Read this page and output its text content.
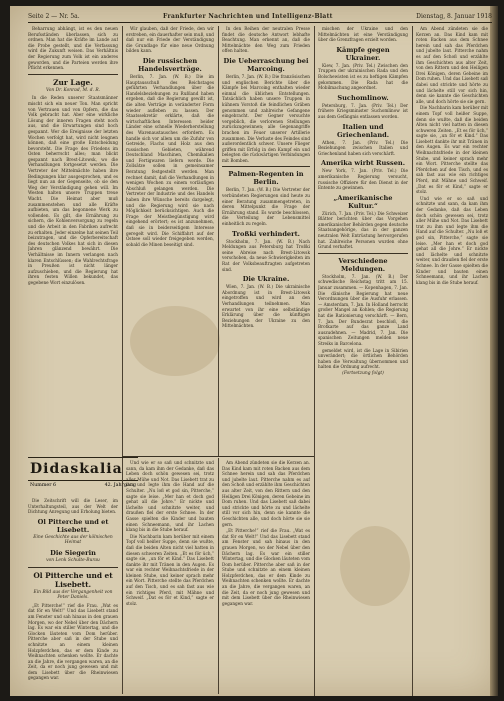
Seite 2 — Nr. 5a.	Frankfurter Nachrichten und Intelligenz-Blatt	Dienstag, 8. Januar 1918

Beharrung abhängt, ist es den neuen Berufsständen überlassen, sich zu ordnen. Man hat die Kräfte im Lande auf die Probe gestellt, und die Verfassung wird die Zukunft weisen. Das Verhältnis der Regierung zum Volk ist ein anderes geworden, und die Parteien werden ihre Pflicht erkennen.

Zur Lage.
Von Dr. Konrad, M. d. R.

In die Reden unserer Staatsmänner mischt sich ein neuer Ton. Man spricht von Vertrauen und von Opfern, die das Volk gebracht hat. Aber eine wirkliche Lösung der inneren Fragen steht noch aus, und die Erwartungen sind hoch gespannt. Wer die Ereignisse der letzten Wochen verfolgt hat, wird nicht leugnen können, daß eine große Entscheidung bevorsteht. Die Frage des Friedens im Osten beherrscht alles; man blickt gespannt nach Brest-Litowsk, wo die Verhandlungen fortgesetzt werden. Die Vertreter der Mittelmächte haben ihre Bedingungen klar ausgesprochen, und es liegt nun an der Gegenseite, ob sie den Weg der Verständigung gehen will. Im Westen halten unsere Truppen treue Wacht. Die Heimat aber muß zusammenstehen und alle Kräfte aufbieten, um das begonnene Werk zu vollenden. Es gilt, die Ernährung zu sichern, die Kohlenversorgung zu regeln und die Arbeit in den Fabriken aufrecht zu erhalten. Jeder einzelne hat seinen Teil beizutragen, und die Opferbereitschaft des deutschen Volkes hat sich in diesen Jahren glänzend bewährt. Die Verhältnisse im Innern verlangen nach klaren Entschlüssen; die Wahlrechtsfrage in Preußen ist nicht länger aufzuschieben, und die Regierung hat ihren festen Willen bekundet, das gegebene Wort einzulösen.

Wir glauben, daß der Friede, den wir erstreben, ein dauerhafter sein muß, und daß nur ein Friede der Verständigung die Grundlage für eine neue Ordnung bilden kann.

Die russischen Handelsverträge.

Berlin, 7. Jan. (W. B.) Die im Hauptausschuß des Reichstages geführten Verhandlungen über die Handelsbeziehungen zu Rußland haben ergeben, daß die Regierung gewillt ist, die alten Verträge in veränderter Form wieder aufleben zu lassen. Der Staatssekretär erklärte, daß die wirtschaftlichen Interessen beider Länder eine schnelle Wiederherstellung des Warenaustausches erfordern. Es handle sich vor allem um die Zufuhr von Getreide, Flachs und Holz aus den russischen Gebieten, während Deutschland Maschinen, Chemikalien und Fertigwaren liefern werde. Die Zollsätze sollen in gemeinsamer Beratung festgestellt werden. Man rechnet damit, daß die Verhandlungen in wenigen Wochen zu einem vorläufigen Abschluß gelangen werden. Die Vertreter der Industrie und des Handels haben ihre Wünsche bereits dargelegt, und die Regierung wird sie nach Möglichkeit berücksichtigen. Auch die Frage der Meistbegünstigung wird eingehend erörtert; es ist anzunehmen, daß sie in beiderseitigem Interesse geregelt wird. Die Schiffahrt auf der Ostsee soll wieder freigegeben werden, sobald die Minen beseitigt sind.

In den Reihen der neutralen Presse findet die deutsche Antwort lebhafte Beachtung. Man erkennt an, daß die Mittelmächte den Weg zum Frieden offen halten.

Die Ueberraschung bei Marcoing.

Berlin, 7. Jan. (W. B.) Die französischen und englischen Berichte über die Kämpfe bei Marcoing enthalten wieder einmal die üblichen Entstellungen. Tatsächlich haben unsere Truppen in kühnem Vorstoß die feindlichen Gräben genommen und zahlreiche Gefangene eingebracht. Der Gegner versuchte vergeblich, die verlorenen Stellungen zurückzugewinnen; alle Gegenangriffe brachen im Feuer unserer Artillerie zusammen. Die Verluste des Feindes sind außerordentlich schwer. Unsere Flieger griffen mit Erfolg in den Kampf ein und belegten die rückwärtigen Verbindungen mit Bomben.

Palmen-Regenten in Berlin.

Berlin, 7. Jan. (W. B.) Die Vertreter der verbündeten Regierungen sind heute zu einer Beratung zusammengetreten, in deren Mittelpunkt die Frage der Ernährung stand. Es wurde beschlossen, die Verteilung der Lebensmittel einheitlich zu regeln.

Troßki verhindert.

Stockholm, 7. Jan. (W. B.) Nach Meldungen aus Petersburg hat Troßki seine Abreise nach Brest-Litowsk verschoben, da neue Schwierigkeiten im Rat der Volksbeauftragten aufgetreten sind.

Die Ukraine.

Wien, 7. Jan. (W. B.) Die ukrainische Abordnung ist in Brest-Litowsk eingetroffen und wird an den Verhandlungen teilnehmen. Man erwartet von ihr eine selbständige Erklärung über die künftigen Beziehungen der Ukraine zu den Mittelmächten.

mischen der Ukraine und den Mittelmächten ist eine Verständigung über die Grenzfragen erzielt worden.

Kämpfe gegen Ukrainer.

Kiew, 7. Jan. (Priv. Tel.) Zwischen den Truppen der ukrainischen Rada und den Bolschewisten ist es zu heftigen Kämpfen gekommen. Die Rada hat die Mobilmachung angeordnet.

Suchomlinow.

Petersburg, 7. Jan. (Priv. Tel.) Der frühere Kriegsminister Suchomlinow ist aus dem Gefängnis entlassen worden.

Italien und Griechenland.

Athen, 7. Jan. (Priv. Tel.) Die Beziehungen zwischen Italien und Griechenland haben sich verschärft.

Amerika wirbt Russen.

New York, 7. Jan. (Priv. Tel.) Die amerikanische Regierung versucht, russische Offiziere für den Dienst in der Entente zu gewinnen.

„Amerikanische Kultur.“

Zürich, 7. Jan. (Priv. Tel.) Die Schweizer Blätter berichten über das Vorgehen amerikanischer Behörden gegen deutsche Staatsangehörige, das in der ganzen neutralen Welt Entrüstung hervorgerufen hat. Zahlreiche Personen wurden ohne Grund verhaftet.

Verschiedene Meldungen.

Stockholm, 7. Jan. (W. B.) Der schwedische Reichstag tritt am 15. Januar zusammen. — Kopenhagen, 7. Jan. Die dänische Regierung hat neue Verordnungen über die Ausfuhr erlassen. — Amsterdam, 7. Jan. In Holland herrscht großer Mangel an Kohlen; die Regierung hat die Rationierung verschärft. — Bern, 7. Jan. Der Bundesrat beschloß, die Brotkarte auf das ganze Land auszudehnen. — Madrid, 7. Jan. Die spanischen Zeitungen melden neue Streiks in Barcelona.

gemeldet wird, ist die Lage in Sibirien unverändert; die örtlichen Behörden haben die Verwaltung übernommen und halten die Ordnung aufrecht.

(Fortsetzung folgt)

Am Abend zündeten sie die Kerzen an. Das Kind kam mit roten Backen aus dem Schnee herein und sah das Pferdchen und jubelte laut. Pitterche nahm es auf den Schoß und erzählte ihm Geschichten aus alter Zeit, von den Rittern und den Heiligen Drei Königen, deren Gebeine im Dom ruhen. Und das Lisebett saß dabei und strickte und hörte zu und lächelte still vor sich hin, denn sie kannte die Geschichten alle, und doch hörte sie sie gern.

Die Nachbarin kam herüber mit einem Topf voll heißer Suppe, denn sie wußte, daß die beiden Alten nicht viel hatten in diesen schweren Zeiten. „Et es för üch,“ sagte sie, „un för et Kind.“ Das Lisebett dankte ihr mit Tränen in den Augen. Es war ein rechter Weihnachtsfriede in der kleinen Stube, und keiner sprach mehr ein Wort. Pitterche stellte das Pferdchen auf den Tisch, und es sah fast aus wie ein richtiges Pferd, mit Mähne und Schweif. „Dat es för et Kind,“ sagte er stolz.

Und wie er so saß und schnitzte und sann, da kam ihm der Gedanke, daß das Leben doch schön gewesen sei, trotz aller Mühe und Not. Das Lisebett trat zu ihm und legte ihm die Hand auf die Schulter. „Nu loß et god sin, Pitterche,“ sagte sie leise. „Mer han et doch god gehat all die Johre.“ Er nickte und lächelte und schnitzte weiter, und draußen fiel der erste Schnee. In der Gasse spielten die Kinder und bauten einen Schneemann, und ihr Lachen klang bis in die Stube herauf.

Didaskalia
Nummer 6	42. Jahrgang

Die Zeitschrift will die Leser, im Unterhaltungsteil, aus der Welt der Dichtung Anregung und Erholung bieten.

Ol Pitterche und et Lisebett.
Eine Geschichte aus der kölnischen Heimat
Die Siegerin
von Lenk Schulte-Burau
Ol Pitterche und et Lisebett.
Ein Bild aus der Vergangenheit von Peter Daniels.

„Et Pitterche!“ rief die Frau. „Wat es dat för en Welt!“ Und das Lisebett stand am Fenster und sah hinaus in den grauen Morgen, wo der Nebel über den Dächern lag. Es war ein stiller Wintertag, und die Glocken läuteten vom Dom herüber. Pitterche aber saß in der Stube und schnitzte an einem kleinen Holzpferdchen, das er dem Kinde zu Weihnachten schenken wollte. Er dachte an die Jahre, die vergangen waren, an die Zeit, da er noch jung gewesen und mit dem Lisebett über die Rheinwiesen gegangen war.

Und wie er so saß und schnitzte und sann, da kam ihm der Gedanke, daß das Leben doch schön gewesen sei, trotz aller Mühe und Not. Das Lisebett trat zu ihm und legte ihm die Hand auf die Schulter. „Nu loß et god sin, Pitterche,“ sagte sie leise. „Mer han et doch god gehat all die Johre.“ Er nickte und lächelte und schnitzte weiter, und draußen fiel der erste Schnee. In der Gasse spielten die Kinder und bauten einen Schneemann, und ihr Lachen klang bis in die Stube herauf.

Die Nachbarin kam herüber mit einem Topf voll heißer Suppe, denn sie wußte, daß die beiden Alten nicht viel hatten in diesen schweren Zeiten. „Et es för üch,“ sagte sie, „un för et Kind.“ Das Lisebett dankte ihr mit Tränen in den Augen. Es war ein rechter Weihnachtsfriede in der kleinen Stube, und keiner sprach mehr ein Wort. Pitterche stellte das Pferdchen auf den Tisch, und es sah fast aus wie ein richtiges Pferd, mit Mähne und Schweif. „Dat es för et Kind,“ sagte er stolz.

Am Abend zündeten sie die Kerzen an. Das Kind kam mit roten Backen aus dem Schnee herein und sah das Pferdchen und jubelte laut. Pitterche nahm es auf den Schoß und erzählte ihm Geschichten aus alter Zeit, von den Rittern und den Heiligen Drei Königen, deren Gebeine im Dom ruhen. Und das Lisebett saß dabei und strickte und hörte zu und lächelte still vor sich hin, denn sie kannte die Geschichten alle, und doch hörte sie sie gern.

„Et Pitterche!“ rief die Frau. „Wat es dat för en Welt!“ Und das Lisebett stand am Fenster und sah hinaus in den grauen Morgen, wo der Nebel über den Dächern lag. Es war ein stiller Wintertag, und die Glocken läuteten vom Dom herüber. Pitterche aber saß in der Stube und schnitzte an einem kleinen Holzpferdchen, das er dem Kinde zu Weihnachten schenken wollte. Er dachte an die Jahre, die vergangen waren, an die Zeit, da er noch jung gewesen und mit dem Lisebett über die Rheinwiesen gegangen war.
